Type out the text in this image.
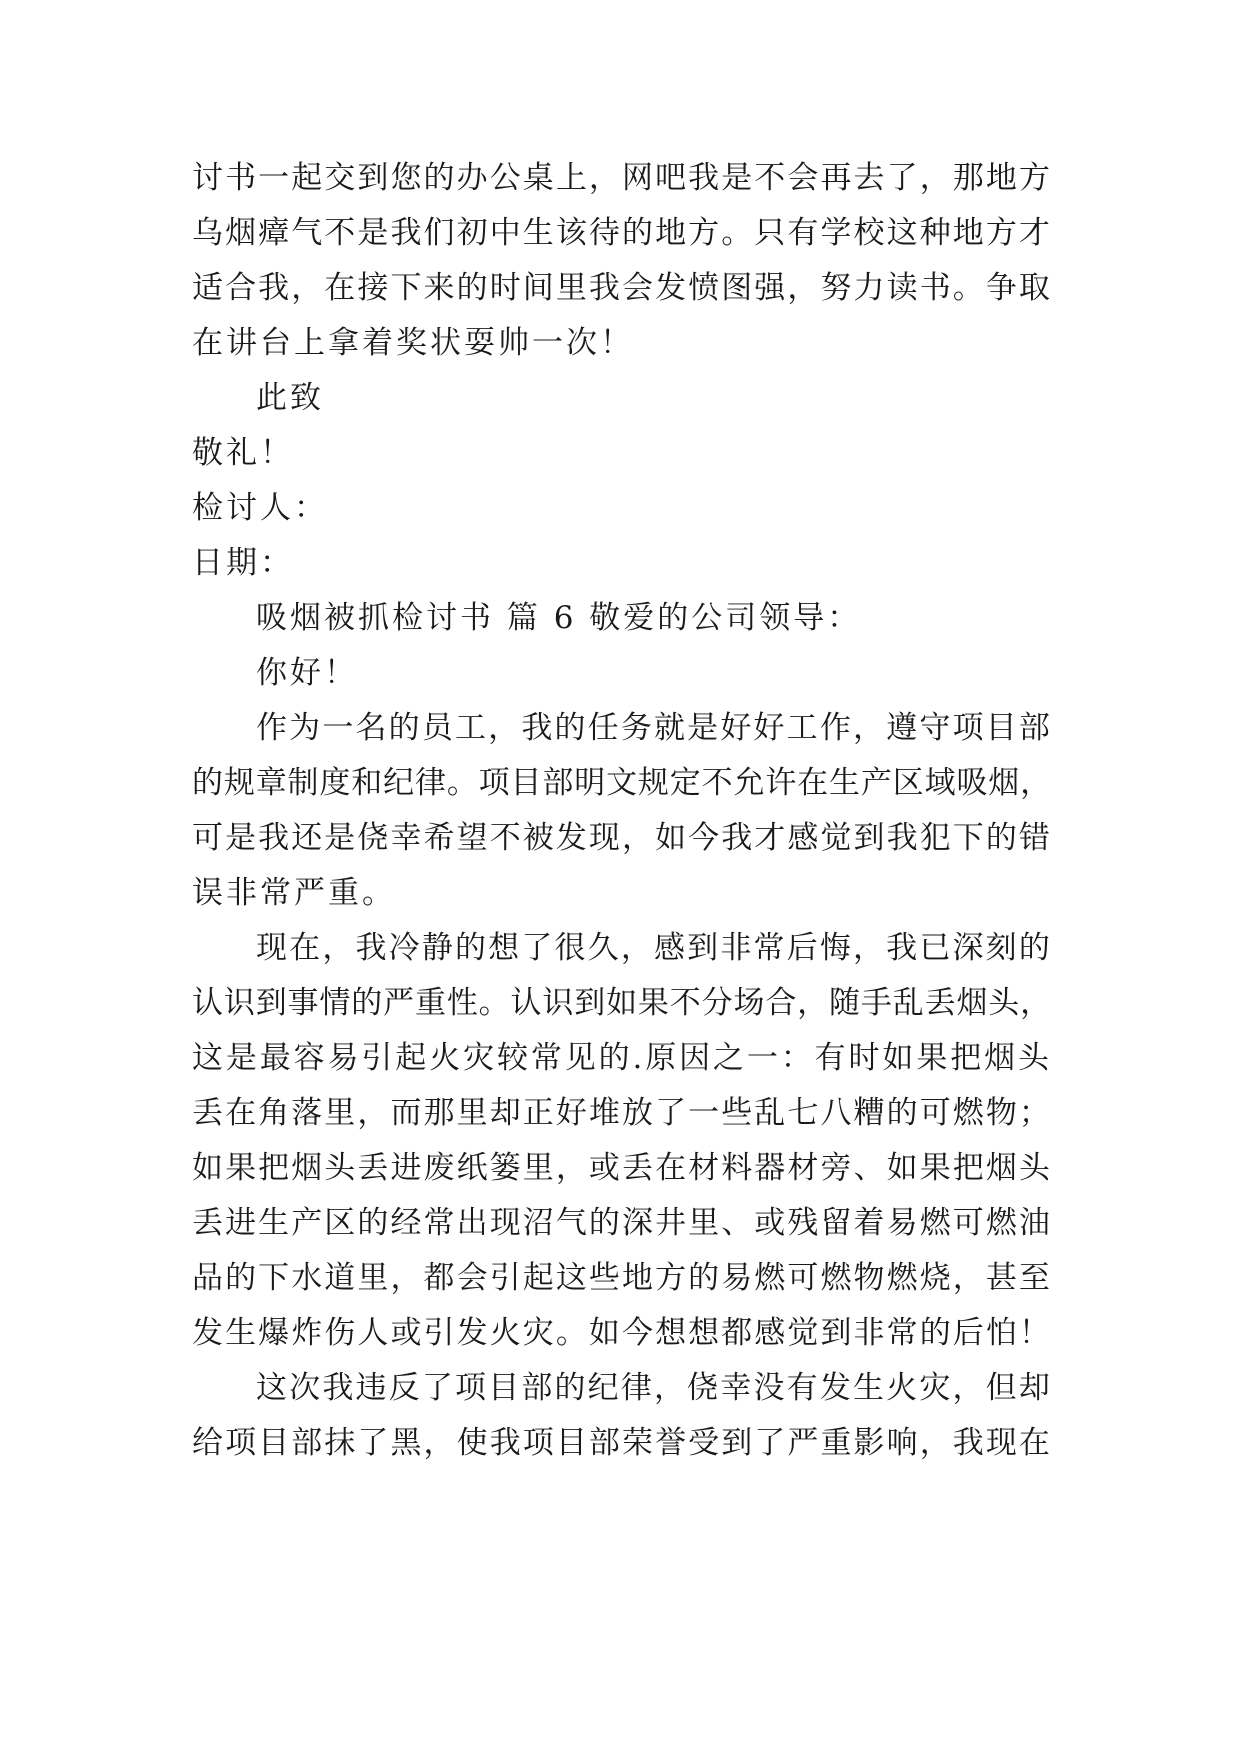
讨书一起交到您的办公桌上，网吧我是不会再去了，那地方
乌烟瘴气不是我们初中生该待的地方。只有学校这种地方才
适合我，在接下来的时间里我会发愤图强，努力读书。争取
在讲台上拿着奖状耍帅一次！
此致
敬礼！
检讨人：
日期：
吸烟被抓检讨书 篇 6 敬爱的公司领导：
你好！
作为一名的员工，我的任务就是好好工作，遵守项目部
的规章制度和纪律。项目部明文规定不允许在生产区域吸烟，
可是我还是侥幸希望不被发现，如今我才感觉到我犯下的错
误非常严重。
现在，我冷静的想了很久，感到非常后悔，我已深刻的
认识到事情的严重性。认识到如果不分场合，随手乱丢烟头，
这是最容易引起火灾较常见的.原因之一：有时如果把烟头
丢在角落里，而那里却正好堆放了一些乱七八糟的可燃物；
如果把烟头丢进废纸篓里，或丢在材料器材旁、如果把烟头
丢进生产区的经常出现沼气的深井里、或残留着易燃可燃油
品的下水道里，都会引起这些地方的易燃可燃物燃烧，甚至
发生爆炸伤人或引发火灾。如今想想都感觉到非常的后怕！
这次我违反了项目部的纪律，侥幸没有发生火灾，但却
给项目部抹了黑，使我项目部荣誉受到了严重影响，我现在
